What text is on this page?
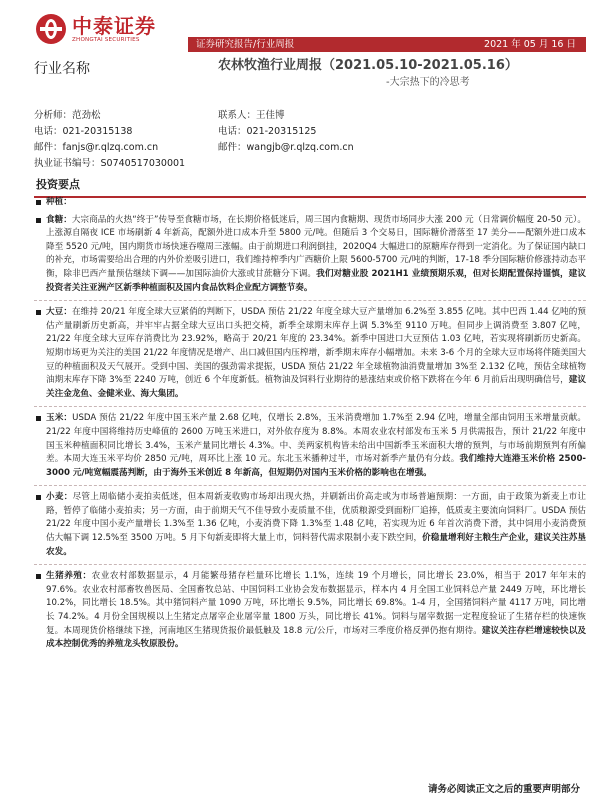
中泰证券
ZHONGTAI SECURITIES	证券研究报告/行业周报	2021 年 05 月 16 日
行业名称	农林牧渔行业周报（2021.05.10-2021.05.16）
-大宗热下的冷思考
分析师：范劲松
电话：021-20315138
邮件：fanjs@r.qlzq.com.cn
执业证书编号：S0740517030001
联系人：王佳博
电话：021-20315125
邮件：wangjb@r.qlzq.com.cn
投资要点
种植：
食糖：大宗商品的火热“终于”传导至食糖市场，在长期价格低迷后，周三国内食糖期、现货市场同步大涨 200 元（日常调价幅度 20-50 元）。上涨源自隔夜 ICE 市场刷新 4 年新高，配额外进口成本升至 5800 元/吨。但随后 3 个交易日，国际糖价滑落至 17 美分——配额外进口成本降至 5520 元/吨，国内期货市场快速吞噬周三涨幅。由于前期进口利润倒挂，2020Q4 大幅进口的原糖库存得到一定消化。为了保证国内缺口的补充，市场需要给出合理的内外价差吸引进口，我们维持榨季内广西糖价上限 5600-5700 元/吨的判断，17-18 季分国际糖价修涨持动态平衡，除非巴西产量预估继续下调——加国际油价大涨或甘蔗糖分下调。我们对糖业股 2021H1 业绩预期乐观，但对长期配置保持谨慎，建议投资者关注亚洲产区新季种植面积及国内食品饮料企业配方调整节奏。
大豆：在维持 20/21 年度全球大豆紧俏的判断下，USDA 预估 21/22 年度全球大豆产量增加 6.2%至 3.855 亿吨。其中巴西 1.44 亿吨的预估产量刷新历史新高，并牢牢占据全球大豆出口头把交椅，新季全球期末库存上调 5.3%至 9110 万吨。但同步上调消费至 3.807 亿吨，21/22 年度全球大豆库存消费比为 23.92%，略高于 20/21 年度的 23.34%。新季中国进口大豆预估 1.03 亿吨，若实现将刷新历史新高。短期市场更为关注的美国 21/22 年度情况是增产、出口减但国内压榨增，新季期末库存小幅增加。未来 3-6 个月的全球大豆市场将伴随美国大豆的种植面积及天气展开。受到中国、美国的强劲需求提振，USDA 预估 21/22 年全球植物油消费量增加 3%至 2.132 亿吨，预估全球植物油期末库存下降 3%至 2240 万吨，创近 6 个年度新低。植物油及饲料行业期待的悬涨结束或价格下跌将在今年 6 月前后出现明确信号，建议关注金龙鱼、金健米业、海大集团。
玉米：USDA 预估 21/22 年度中国玉米产量 2.68 亿吨，仅增长 2.8%，玉米消费增加 1.7%至 2.94 亿吨，增量全部由饲用玉米增量贡献。21/22 年度中国将维持历史峰值的 2600 万吨玉米进口，对外依存度为 8.8%。本周农业农村部发布玉米 5 月供需报告，预计 21/22 年度中国玉米种植面积同比增长 3.4%，玉米产量同比增长 4.3%。中、美两家机构皆未给出中国新季玉米面积大增的预判，与市场前期预判有所偏差。本周大连玉米平均价 2850 元/吨，周环比上涨 10 元。东北玉米播种过半，市场对新季产量仍有分歧。我们维持大连港玉米价格 2500-3000 元/吨宽幅震荡判断，由于海外玉米创近 8 年新高，但短期仍对国内玉米价格的影响也在增强。
小麦：尽管上周临储小麦拍卖低迷，但本周新麦收购市场却出现火热，并刷新出价高走或为市场普遍预期：一方面，由于政策为新麦上市让路，暂停了临储小麦拍卖；另一方面，由于前期天气不佳导致小麦质量不佳，优质粮源受到面粉厂追捧，低质麦主要流向饲料厂。USDA 预估 21/22 年度中国小麦产量增长 1.3%至 1.36 亿吨，小麦消费下降 1.3%至 1.48 亿吨，若实现为近 6 年首次消费下滑，其中饲用小麦消费预估大幅下调 12.5%至 3500 万吨。5 月下旬新麦即将大量上市，饲料替代需求限制小麦下跌空间，价稳量增利好主粮生产企业，建议关注苏垦农发。
生猪养殖：农业农村部数据显示，4 月能繁母猪存栏量环比增长 1.1%，连续 19 个月增长，同比增长 23.0%，相当于 2017 年年末的 97.6%。农业农村部畜牧兽医局、全国畜牧总站、中国饲料工业协会发布数据显示，样本内 4 月全国工业饲料总产量 2449 万吨，环比增长 10.2%，同比增长 18.5%。其中猪饲料产量 1090 万吨，环比增长 9.5%，同比增长 69.8%。1-4 月，全国猪饲料产量 4117 万吨，同比增长 74.2%。4 月份全国规模以上生猪定点屠宰企业屠宰量 1800 万头，同比增长 41%。饲料与屠宰数据一定程度验证了生猪存栏的快速恢复。本周现货价格继续下挫，河南地区生猪现货报价最低触及 18.8 元/公斤，市场对三季度价格反弹仍抱有期待。建议关注存栏增速较快以及成本控制优秀的养殖龙头牧原股份。
请务必阅读正文之后的重要声明部分
